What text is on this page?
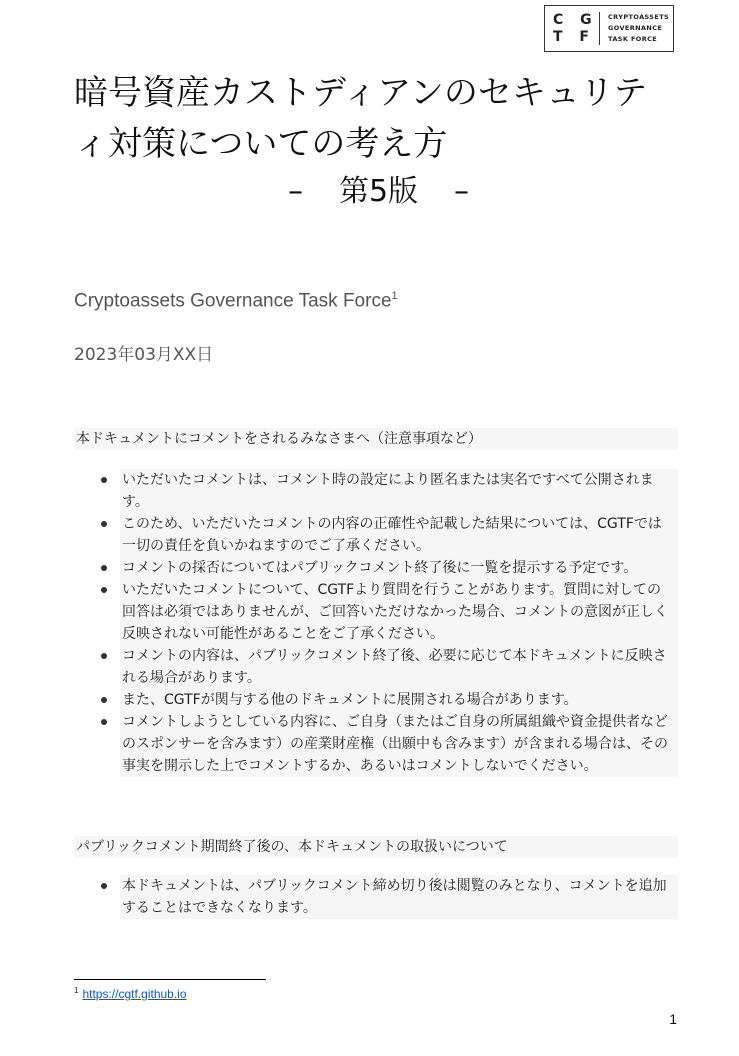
C G
T F
CRYPTOASSETS
GOVERNANCE
TASK FORCE
暗号資産カストディアンのセキュリティ対策についての考え方
– 第5版 –
Cryptoassets Governance Task Force$^1$
2023年03月XX日
本ドキュメントにコメントをされるみなさまへ（注意事項など）
いただいたコメントは、コメント時の設定により匿名または実名ですべて公開されます。
このため、いただいたコメントの内容の正確性や記載した結果については、CGTFでは一切の責任を負いかねますのでご了承ください。
コメントの採否についてはパブリックコメント終了後に一覧を提示する予定です。
いただいたコメントについて、CGTFより質問を行うことがあります。質問に対しての回答は必須ではありませんが、ご回答いただけなかった場合、コメントの意図が正しく反映されない可能性があることをご了承ください。
コメントの内容は、パブリックコメント終了後、必要に応じて本ドキュメントに反映される場合があります。
また、CGTFが関与する他のドキュメントに展開される場合があります。
コメントしようとしている内容に、ご自身（またはご自身の所属組織や資金提供者などのスポンサーを含みます）の産業財産権（出願中も含みます）が含まれる場合は、その事実を開示した上でコメントするか、あるいはコメントしないでください。
パブリックコメント期間終了後の、本ドキュメントの取扱いについて
本ドキュメントは、パブリックコメント締め切り後は閲覧のみとなり、コメントを追加することはできなくなります。
$^1$ https://cgtf.github.io
1
